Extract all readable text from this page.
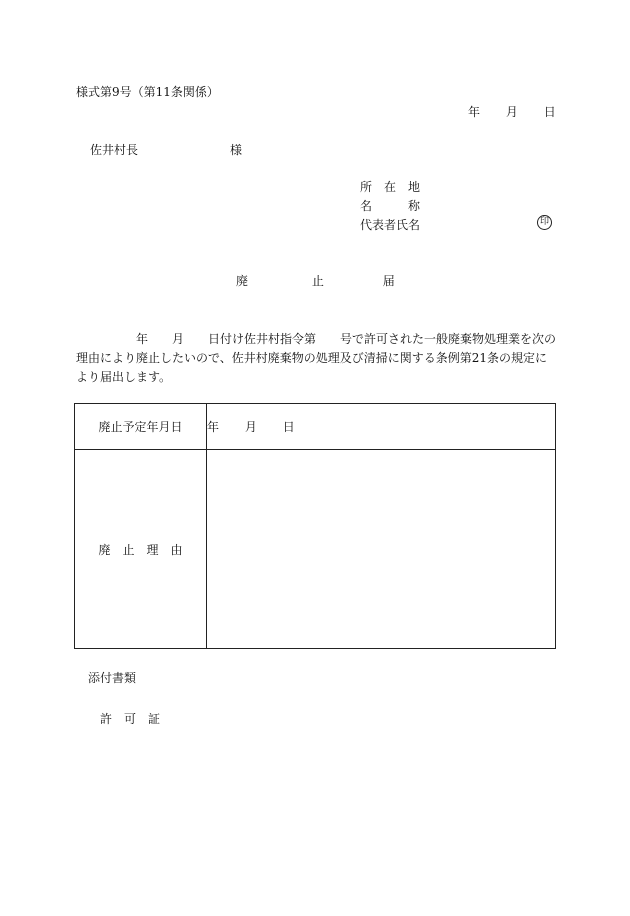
様式第9号（第11条関係）
年 月 日
佐井村長	様
所　在　地
名　　　称
代表者氏名	印
廃	止	届
年　　月　　日付け佐井村指令第　　号で許可された一般廃棄物処理業を次の理由により廃止したいので、佐井村廃棄物の処理及び清掃に関する条例第21条の規定により届出します。
廃止予定年月日	年 月 日
廃　止　理　由	
添付書類
許　可　証
